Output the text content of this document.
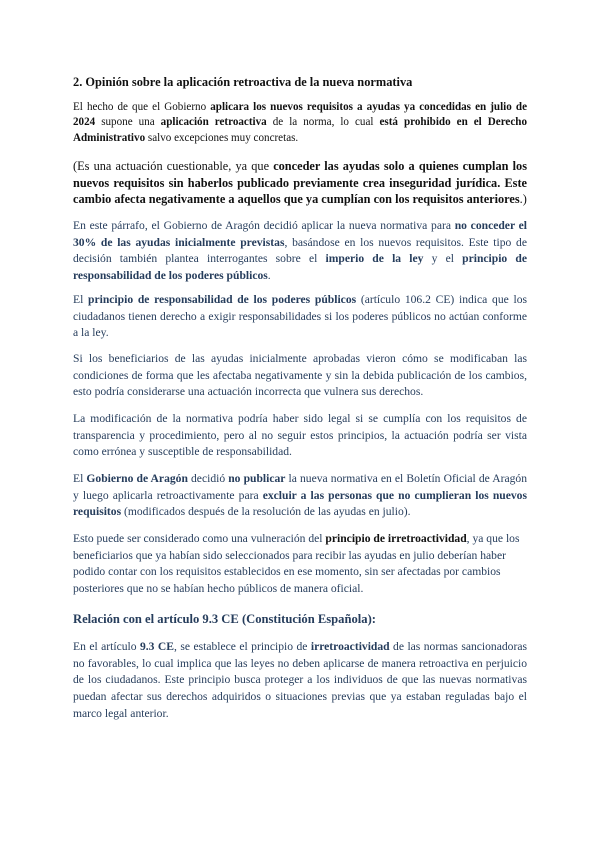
2. Opinión sobre la aplicación retroactiva de la nueva normativa

El hecho de que el Gobierno aplicara los nuevos requisitos a ayudas ya concedidas en julio de 2024 supone una aplicación retroactiva de la norma, lo cual está prohibido en el Derecho Administrativo salvo excepciones muy concretas.

(Es una actuación cuestionable, ya que conceder las ayudas solo a quienes cumplan los nuevos requisitos sin haberlos publicado previamente crea inseguridad jurídica. Este cambio afecta negativamente a aquellos que ya cumplían con los requisitos anteriores.)

En este párrafo, el Gobierno de Aragón decidió aplicar la nueva normativa para no conceder el 30% de las ayudas inicialmente previstas, basándose en los nuevos requisitos. Este tipo de decisión también plantea interrogantes sobre el imperio de la ley y el principio de responsabilidad de los poderes públicos.

El principio de responsabilidad de los poderes públicos (artículo 106.2 CE) indica que los ciudadanos tienen derecho a exigir responsabilidades si los poderes públicos no actúan conforme a la ley.

Si los beneficiarios de las ayudas inicialmente aprobadas vieron cómo se modificaban las condiciones de forma que les afectaba negativamente y sin la debida publicación de los cambios, esto podría considerarse una actuación incorrecta que vulnera sus derechos.

La modificación de la normativa podría haber sido legal si se cumplía con los requisitos de transparencia y procedimiento, pero al no seguir estos principios, la actuación podría ser vista como errónea y susceptible de responsabilidad.

El Gobierno de Aragón decidió no publicar la nueva normativa en el Boletín Oficial de Aragón y luego aplicarla retroactivamente para excluir a las personas que no cumplieran los nuevos requisitos (modificados después de la resolución de las ayudas en julio).

Esto puede ser considerado como una vulneración del principio de irretroactividad, ya que los beneficiarios que ya habían sido seleccionados para recibir las ayudas en julio deberían haber podido contar con los requisitos establecidos en ese momento, sin ser afectadas por cambios posteriores que no se habían hecho públicos de manera oficial.

Relación con el artículo 9.3 CE (Constitución Española):

En el artículo 9.3 CE, se establece el principio de irretroactividad de las normas sancionadoras no favorables, lo cual implica que las leyes no deben aplicarse de manera retroactiva en perjuicio de los ciudadanos. Este principio busca proteger a los individuos de que las nuevas normativas puedan afectar sus derechos adquiridos o situaciones previas que ya estaban reguladas bajo el marco legal anterior.
